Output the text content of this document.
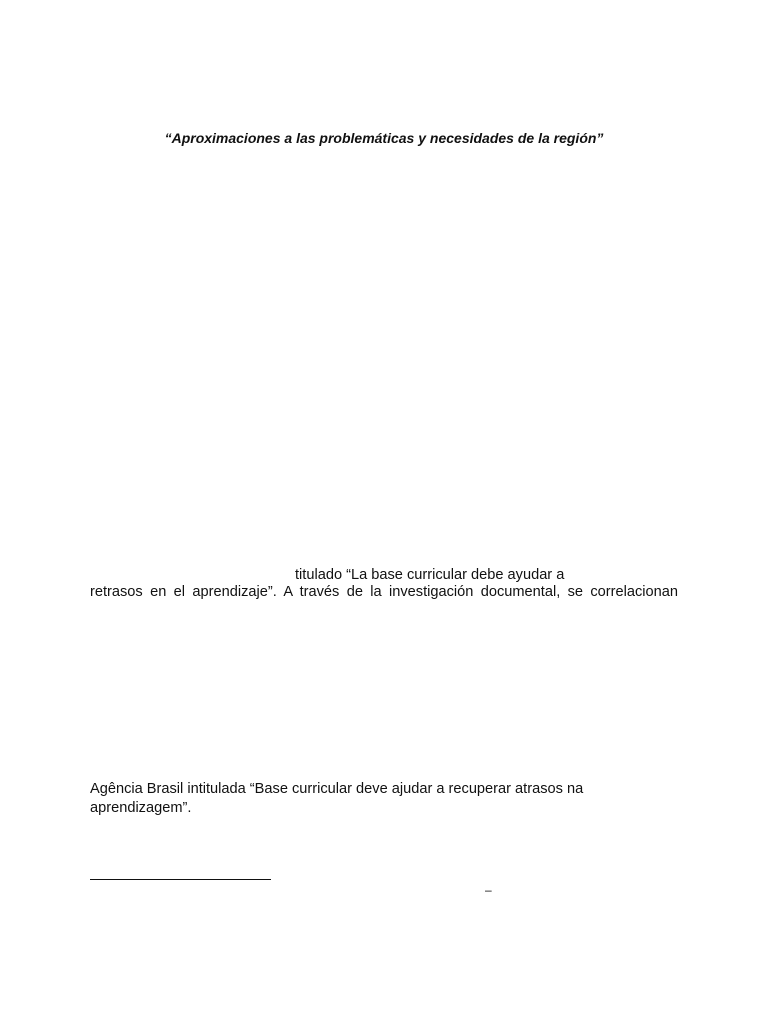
“Aproximaciones a las problemáticas y necesidades de la región”
titulado “La base curricular debe ayudar a
retrasos en el aprendizaje”. A través de la investigación documental, se correlacionan
Agência Brasil intitulada “Base curricular deve ajudar a recuperar atrasos na
aprendizagem”.
–
